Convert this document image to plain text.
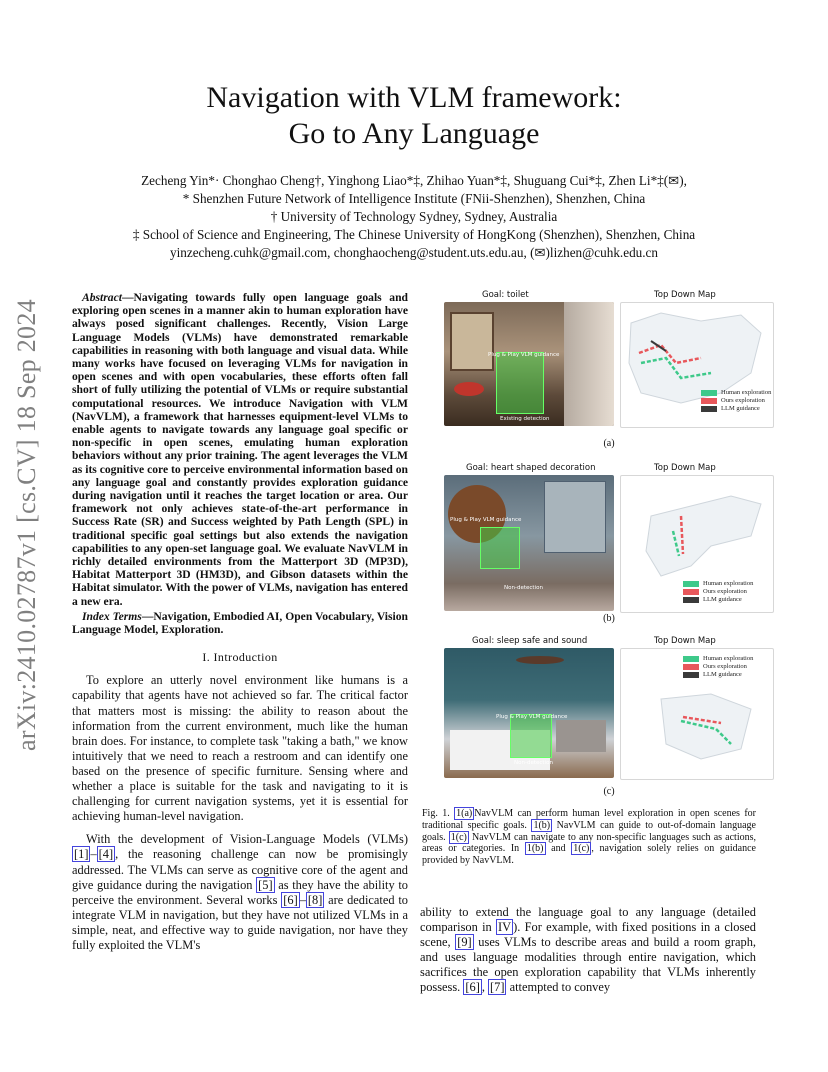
arXiv:2410.02787v1 [cs.CV] 18 Sep 2024
Navigation with VLM framework:
Go to Any Language
Zecheng Yin*· Chonghao Cheng†, Yinghong Liao*‡, Zhihao Yuan*‡, Shuguang Cui*‡, Zhen Li*‡(✉),
* Shenzhen Future Network of Intelligence Institute (FNii-Shenzhen), Shenzhen, China
† University of Technology Sydney, Sydney, Australia
‡ School of Science and Engineering, The Chinese University of HongKong (Shenzhen), Shenzhen, China
yinzecheng.cuhk@gmail.com, chonghaocheng@student.uts.edu.au, (✉)lizhen@cuhk.edu.cn

Abstract—Navigating towards fully open language goals and exploring open scenes in a manner akin to human exploration have always posed significant challenges. Recently, Vision Large Language Models (VLMs) have demonstrated remarkable capabilities in reasoning with both language and visual data. While many works have focused on leveraging VLMs for navigation in open scenes and with open vocabularies, these efforts often fall short of fully utilizing the potential of VLMs or require substantial computational resources. We introduce Navigation with VLM (NavVLM), a framework that harnesses equipment-level VLMs to enable agents to navigate towards any language goal specific or non-specific in open scenes, emulating human exploration behaviors without any prior training. The agent leverages the VLM as its cognitive core to perceive environmental information based on any language goal and constantly provides exploration guidance during navigation until it reaches the target location or area. Our framework not only achieves state-of-the-art performance in Success Rate (SR) and Success weighted by Path Length (SPL) in traditional specific goal settings but also extends the navigation capabilities to any open-set language goal. We evaluate NavVLM in richly detailed environments from the Matterport 3D (MP3D), Habitat Matterport 3D (HM3D), and Gibson datasets within the Habitat simulator. With the power of VLMs, navigation has entered a new era.

Index Terms—Navigation, Embodied AI, Open Vocabulary, Vision Language Model, Exploration.

I. Introduction

To explore an utterly novel environment like humans is a capability that agents have not achieved so far. The critical factor that matters most is missing: the ability to reason about the information from the current environment, much like the human brain does. For instance, to complete task "taking a bath," we know intuitively that we need to reach a restroom and can identify one based on the presence of specific furniture. Sensing where and whether a place is suitable for the task and navigating to it is challenging for current navigation systems, yet it is essential for achieving human-level navigation.

With the development of Vision-Language Models (VLMs) [1] – [4] , the reasoning challenge can now be promisingly addressed. The VLMs can serve as cognitive core of the agent and give guidance during the navigation [5] as they have the ability to perceive the environment. Several works [6] – [8] are dedicated to integrate VLM in navigation, but they have not utilized VLMs in a simple, neat, and effective way to guide navigation, nor have they fully exploited the VLM's

Goal: toilet	Top Down Map
Plug & Play VLM guidance
Existing detection
Human exploration
Ours exploration
LLM guidance
(a)
Goal: heart shaped decoration	Top Down Map
Plug & Play VLM guidance
Non-detection
Human exploration
Ours exploration
LLM guidance
(b)
Goal: sleep safe and sound	Top Down Map
Plug & Play VLM guidance
Non-detection
Human exploration
Ours exploration
LLM guidance
(c)
Fig. 1. 1(a) NavVLM can perform human level exploration in open scenes for traditional specific goals. 1(b) NavVLM can guide to out-of-domain language goals. 1(c) NavVLM can navigate to any non-specific languages such as actions, areas or categories. In 1(b) and 1(c) , navigation solely relies on guidance provided by NavVLM.
ability to extend the language goal to any language (detailed comparison in IV ). For example, with fixed positions in a closed scene, [9] uses VLMs to describe areas and build a room graph, and uses language modalities through entire navigation, which sacrifices the open exploration capability that VLMs inherently possess. [6] , [7] attempted to convey
